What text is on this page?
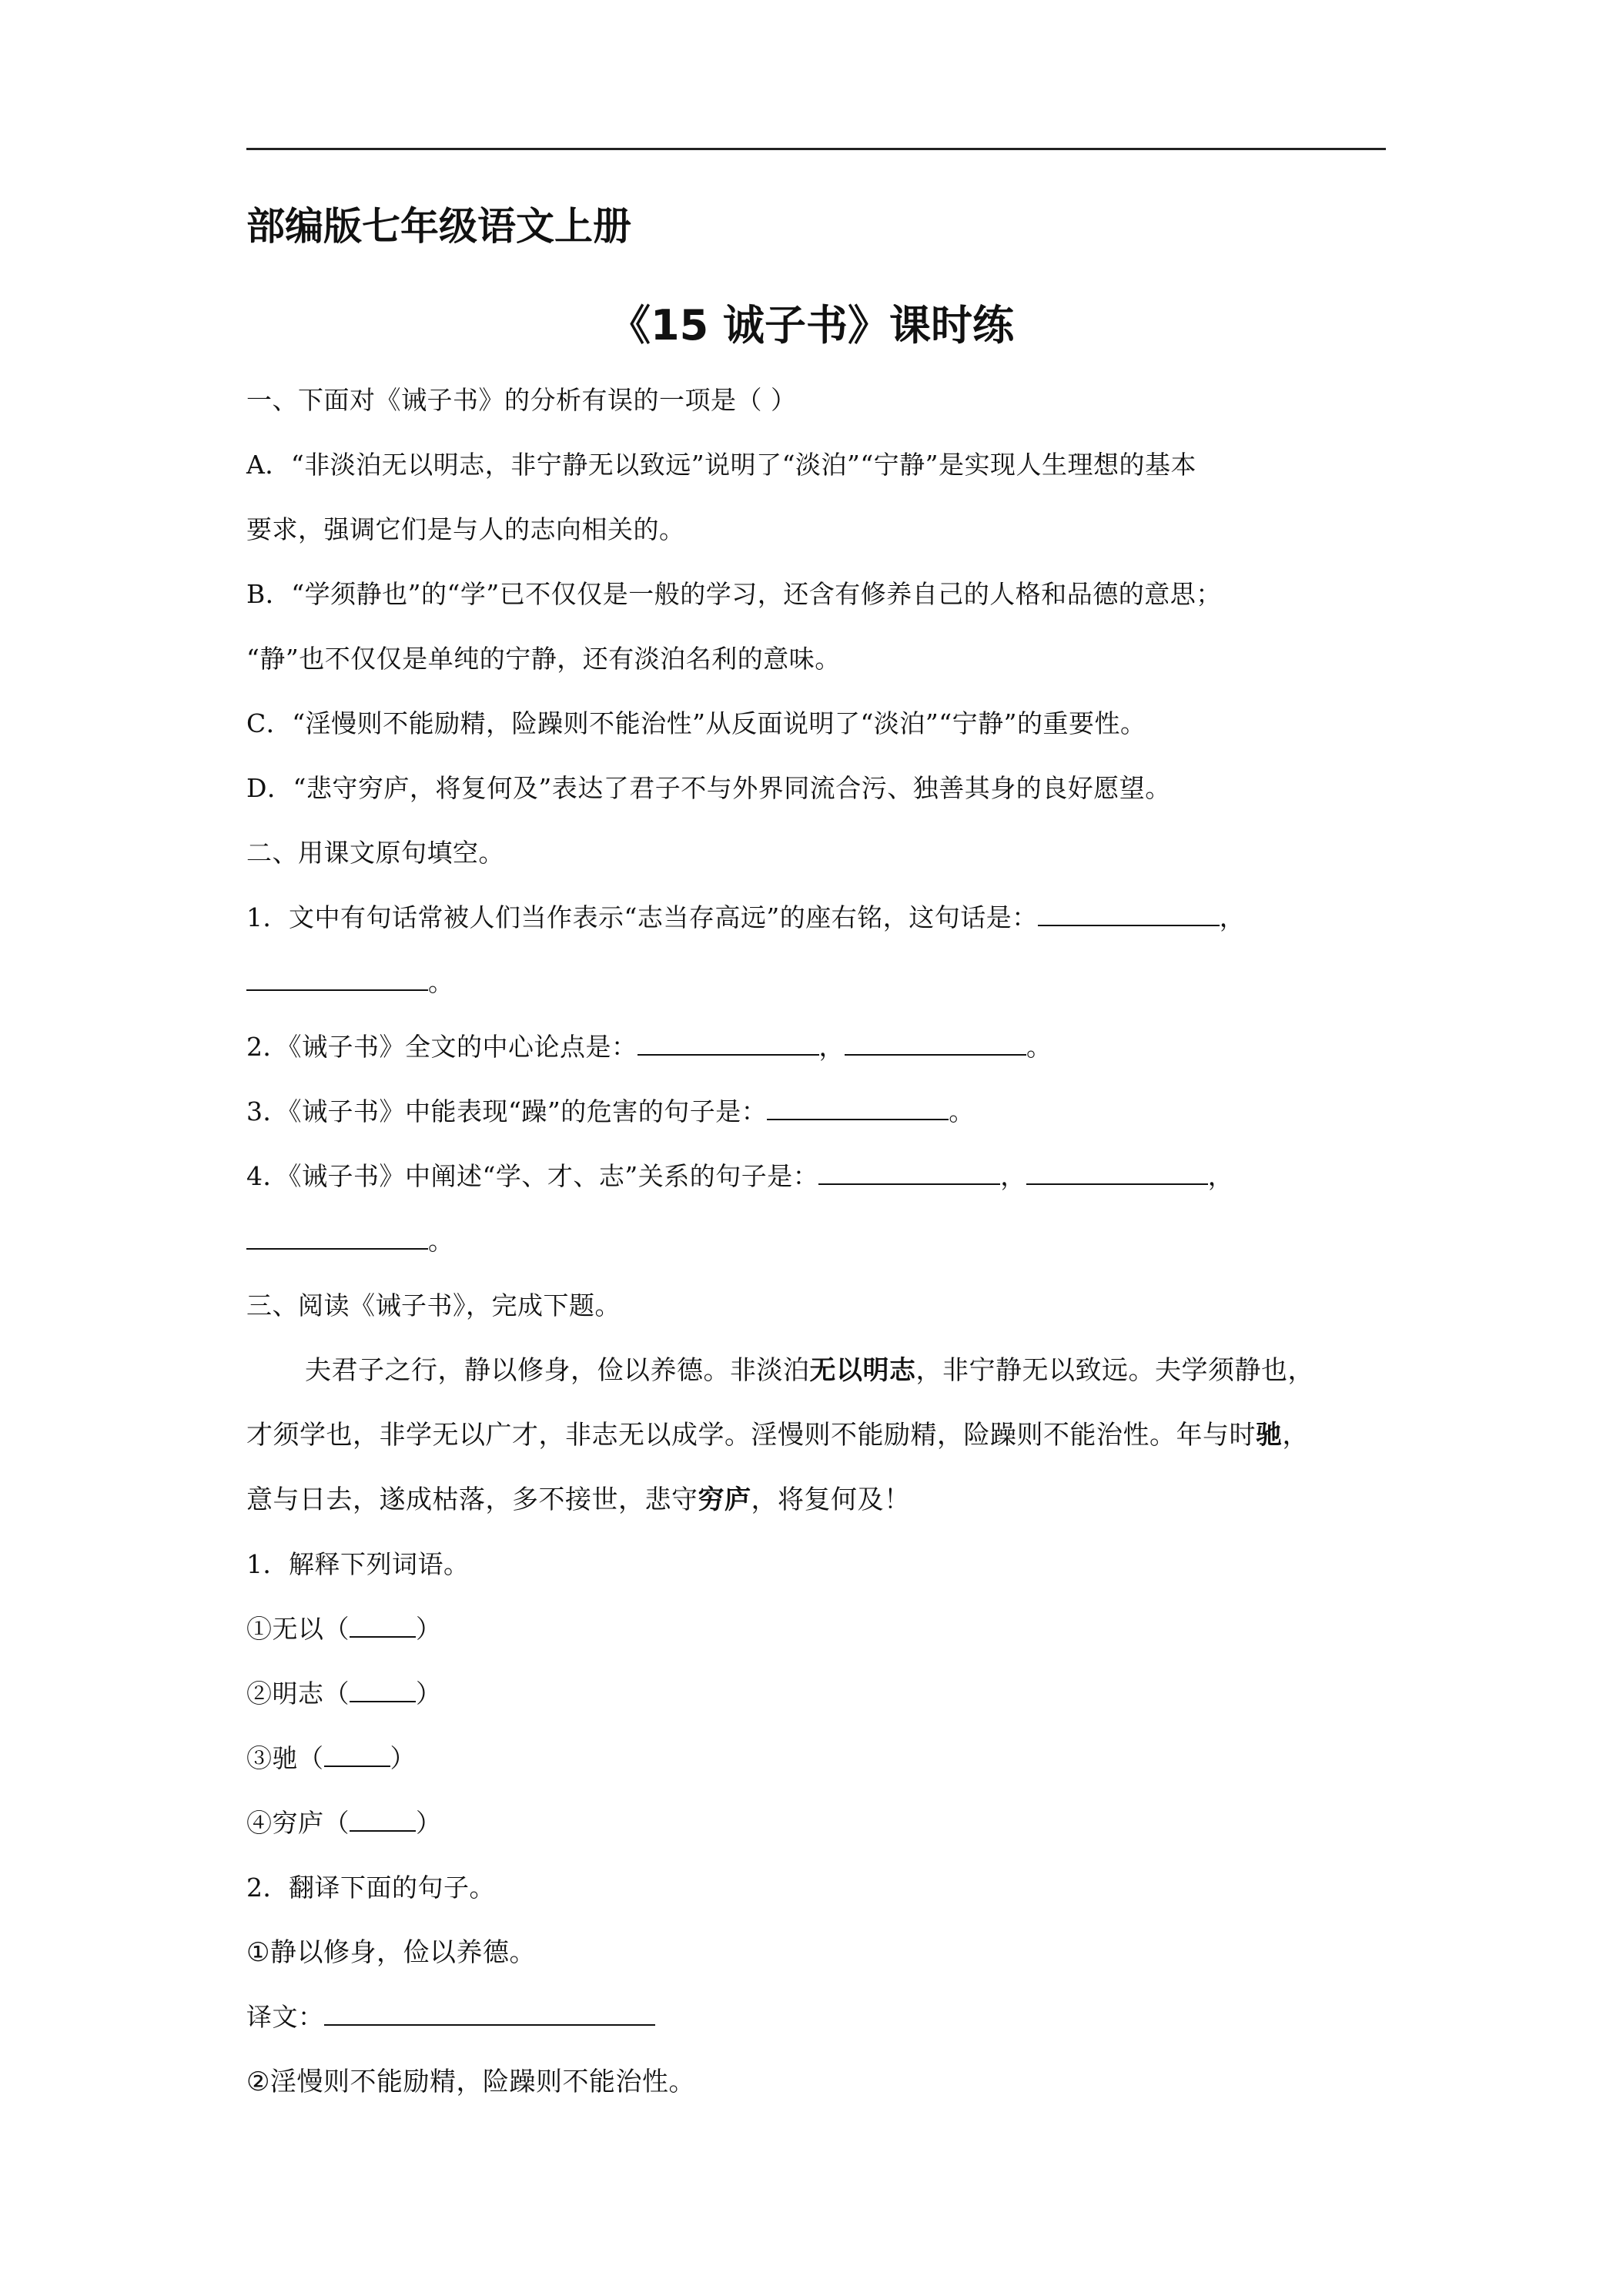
部编版七年级语文上册
《15 诚子书》课时练
一、下面对《诫子书》的分析有误的一项是（ ）
A．“非淡泊无以明志，非宁静无以致远”说明了“淡泊”“宁静”是实现人生理想的基本
要求，强调它们是与人的志向相关的。
B．“学须静也”的“学”已不仅仅是一般的学习，还含有修养自己的人格和品德的意思；
“静”也不仅仅是单纯的宁静，还有淡泊名利的意味。
C．“淫慢则不能励精，险躁则不能治性”从反面说明了“淡泊”“宁静”的重要性。
D．“悲守穷庐，将复何及”表达了君子不与外界同流合污、独善其身的良好愿望。
二、用课文原句填空。
1．文中有句话常被人们当作表示“志当存高远”的座右铭，这句话是：	，
。
2．《诫子书》全文的中心论点是：	，	。
3．《诫子书》中能表现“躁”的危害的句子是：	。
4．《诫子书》中阐述“学、才、志”关系的句子是：	，	，
。
三、阅读《诫子书》，完成下题。
夫君子之行，静以修身，俭以养德。非淡泊无以明志，非宁静无以致远。夫学须静也，
才须学也，非学无以广才，非志无以成学。淫慢则不能励精，险躁则不能治性。年与时驰，
意与日去，遂成枯落，多不接世，悲守穷庐，将复何及！
1．解释下列词语。
①无以（	）
②明志（	）
③驰（	）
④穷庐（	）
2．翻译下面的句子。
①静以修身，俭以养德。
译文：
②淫慢则不能励精，险躁则不能治性。
